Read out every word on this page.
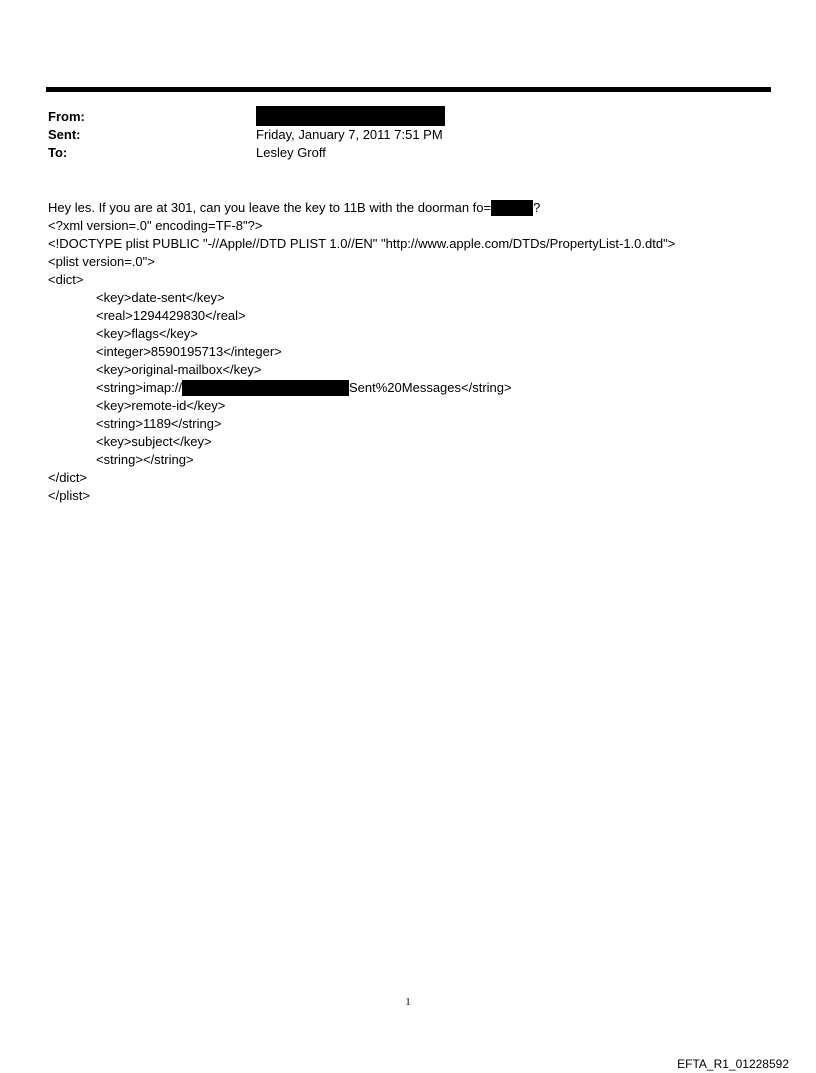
From:
Sent:	Friday, January 7, 2011 7:51 PM
To:	Lesley Groff
Hey les. If you are at 301, can you leave the key to 11B with the doorman fo=	?
<?xml version=.0" encoding=TF-8"?>
<!DOCTYPE plist PUBLIC "-//Apple//DTD PLIST 1.0//EN" "http://www.apple.com/DTDs/PropertyList-1.0.dtd">
<plist version=.0">
<dict>
<key>date-sent</key>
<real>1294429830</real>
<key>flags</key>
<integer>8590195713</integer>
<key>original-mailbox</key>
<string>imap://	Sent%20Messages</string>
<key>remote-id</key>
<string>1189</string>
<key>subject</key>
<string></string>
</dict>
</plist>
1
EFTA_R1_01228592
